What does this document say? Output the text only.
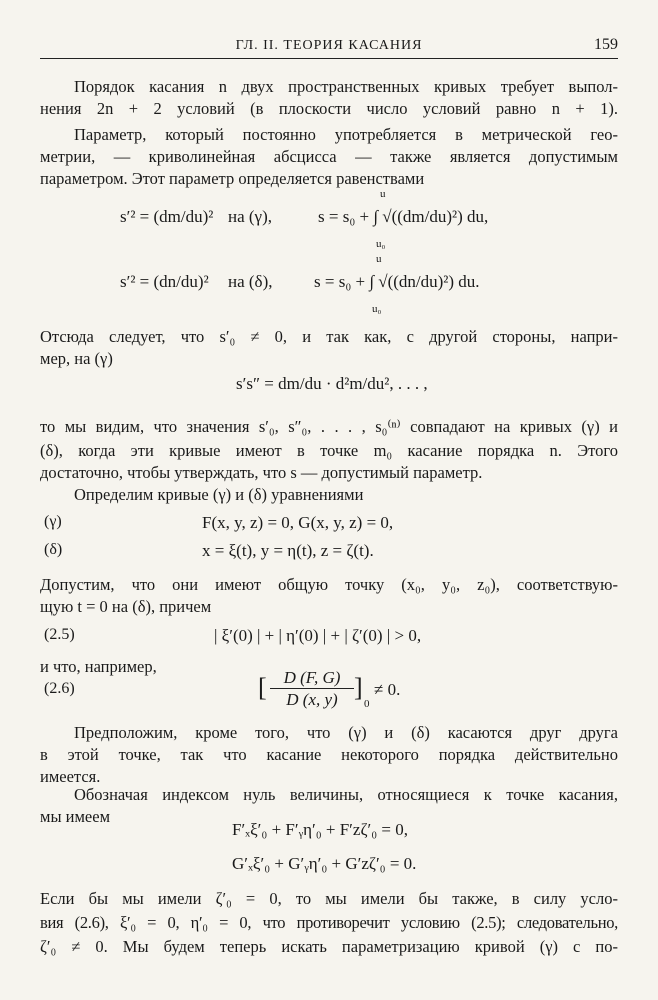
ГЛ. II. ТЕОРИЯ КАСАНИЯ	159
Порядок касания n двух пространственных кривых требует выпол-
нения 2n + 2 условий (в плоскости число условий равно n + 1).
Параметр, который постоянно употребляется в метрической гео-
метрии, — криволинейная абсцисса — также является допустимым
параметром. Этот параметр определяется равенствами
s′² = (dm/du)² на (γ),
u
s = s₀ + ∫ √((dm/du)²) du,
u₀
s′² = (dn/du)² на (δ),
u
s = s₀ + ∫ √((dn/du)²) du.
u₀
Отсюда следует, что s′₀ ≠ 0, и так как, с другой стороны, напри-
мер, на (γ)
s′s″ = dm/du · d²m/du², . . . ,
то мы видим, что значения s′₀, s″₀, . . . , s₀⁽ⁿ⁾ совпадают на кривых (γ) и
(δ), когда эти кривые имеют в точке m₀ касание порядка n. Этого
достаточно, чтобы утверждать, что s — допустимый параметр.
Определим кривые (γ) и (δ) уравнениями
(γ)	F(x, y, z) = 0, G(x, y, z) = 0,
(δ)	x = ξ(t), y = η(t), z = ζ(t).
Допустим, что они имеют общую точку (x₀, y₀, z₀), соответствую-
щую t = 0 на (δ), причем
(2.5)	| ξ′(0) | + | η′(0) | + | ζ′(0) | > 0,
и что, например,
(2.6)	[ D (F, G)
D (x, y) ]
0
≠ 0.
Предположим, кроме того, что (γ) и (δ) касаются друг друга
в этой точке, так что касание некоторого порядка действительно
имеется.
Обозначая индексом нуль величины, относящиеся к точке касания,
мы имеем
F′ₓξ′₀ + F′ᵧη′₀ + F′zζ′₀ = 0,
G′ₓξ′₀ + G′ᵧη′₀ + G′zζ′₀ = 0.
Если бы мы имели ζ′₀ = 0, то мы имели бы также, в силу усло-
вия (2.6), ξ′₀ = 0, η′₀ = 0, что противоречит условию (2.5); следовательно,
ζ′₀ ≠ 0. Мы будем теперь искать параметризацию кривой (γ) с по-
